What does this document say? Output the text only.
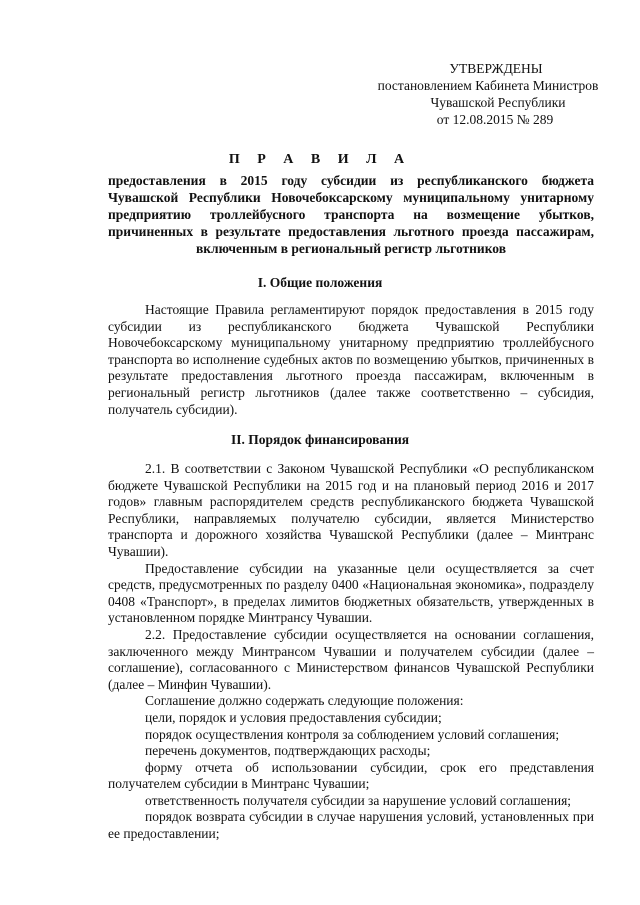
УТВЕРЖДЕНЫ
постановлением Кабинета Министров
Чувашской Республики
от 12.08.2015 № 289
П Р А В И Л А
предоставления в 2015 году субсидии из республиканского бюджета Чувашской Республики Новочебоксарскому муниципальному унитарному предприятию троллейбусного транспорта на возмещение убытков, причиненных в результате предоставления льготного проезда пассажирам, включенным в региональный регистр льготников
I. Общие положения

Настоящие Правила регламентируют порядок предоставления в 2015 году субсидии из республиканского бюджета Чувашской Республики Новочебоксарскому муниципальному унитарному предприятию троллейбусного транспорта во исполнение судебных актов по возмещению убытков, причиненных в результате предоставления льготного проезда пассажирам, включенным в региональный регистр льготников (далее также соответственно – субсидия, получатель субсидии).

II. Порядок финансирования

2.1. В соответствии с Законом Чувашской Республики «О республиканском бюджете Чувашской Республики на 2015 год и на плановый период 2016 и 2017 годов» главным распорядителем средств республиканского бюджета Чувашской Республики, направляемых получателю субсидии, является Министерство транспорта и дорожного хозяйства Чувашской Республики (далее – Минтранс Чувашии).

Предоставление субсидии на указанные цели осуществляется за счет средств, предусмотренных по разделу 0400 «Национальная экономика», подразделу 0408 «Транспорт», в пределах лимитов бюджетных обязательств, утвержденных в установленном порядке Минтрансу Чувашии.

2.2. Предоставление субсидии осуществляется на основании соглашения, заключенного между Минтрансом Чувашии и получателем субсидии (далее – соглашение), согласованного с Министерством финансов Чувашской Республики (далее – Минфин Чувашии).

Соглашение должно содержать следующие положения:

цели, порядок и условия предоставления субсидии;

порядок осуществления контроля за соблюдением условий соглашения;

перечень документов, подтверждающих расходы;

форму отчета об использовании субсидии, срок его представления получателем субсидии в Минтранс Чувашии;

ответственность получателя субсидии за нарушение условий соглашения;

порядок возврата субсидии в случае нарушения условий, установленных при ее предоставлении;
